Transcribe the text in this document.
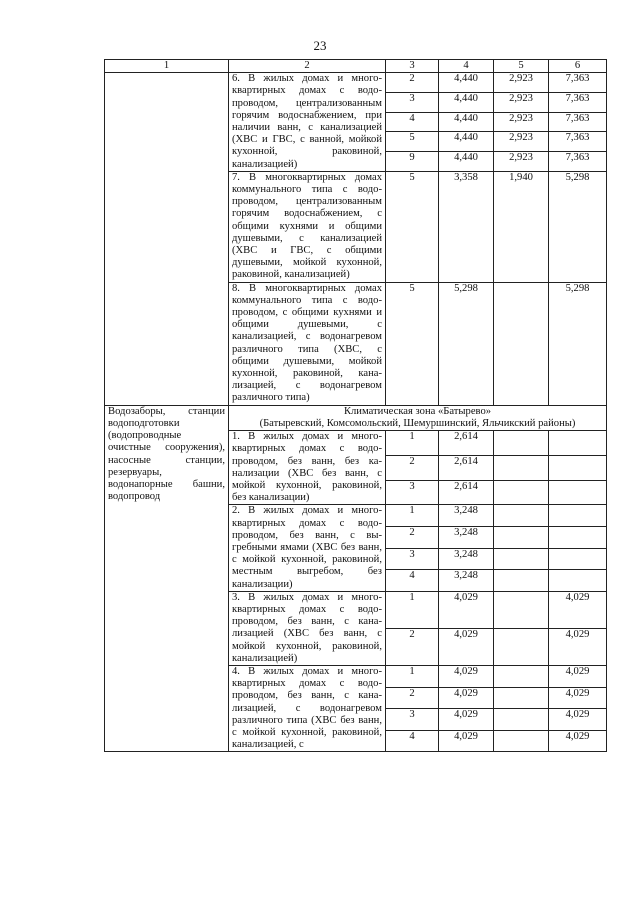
23
1	2	3	4	5	6
	6. В жилых домах и многоквартирных домах с водопроводом, централизованным горячим водоснабжением, при наличии ванн, с канализацией (ХВС и ГВС, с ванной, мойкой кухонной, раковиной, канализацией)	2	4,440	2,923	7,363
		3	4,440	2,923	7,363
		4	4,440	2,923	7,363
		5	4,440	2,923	7,363
		9	4,440	2,923	7,363
	7. В многоквартирных домах коммунального типа с водопроводом, централизованным горячим водоснабжением, с общими кухнями и общими душевыми, с канализацией (ХВС и ГВС, с общими душевыми, мойкой кухонной, раковиной, канализацией)	5	3,358	1,940	5,298
	8. В многоквартирных домах коммунального типа с водопроводом, с общими кухнями и общими душевыми, с канализацией, с водонагревом различного типа (ХВС, с общими душевыми, мойкой кухонной, раковиной, канализацией, с водонагревом различного типа)	5	5,298		5,298
Водозаборы, станции водоподготовки (водопроводные очистные сооружения), насосные станции, резервуары, водонапорные башни, водопровод	Климатическая зона «Батырево»
(Батыревский, Комсомольский, Шемуршинский, Яльчикский районы)				

	1. В жилых домах и многоквартирных домах с водопроводом, без ванн, без канализации (ХВС без ванн, с мойкой кухонной, раковиной, без канализации)	1	2,614		
		2	2,614		
		3	2,614		
	2. В жилых домах и многоквартирных домах с водопроводом, без ванн, с выгребными ямами (ХВС без ванн, с мойкой кухонной, раковиной, местным выгребом, без канализации)	1	3,248		
		2	3,248		
		3	3,248		
		4	3,248		
	3. В жилых домах и многоквартирных домах с водопроводом, без ванн, с канализацией (ХВС без ванн, с мойкой кухонной, раковиной, канализацией)	1	4,029		4,029
		2	4,029		4,029
	4. В жилых домах и многоквартирных домах с водопроводом, без ванн, с канализацией, с водонагревом различного типа (ХВС без ванн, с мойкой кухонной, раковиной, канализацией, с	1	4,029		4,029
		2	4,029		4,029
		3	4,029		4,029
		4	4,029		4,029
